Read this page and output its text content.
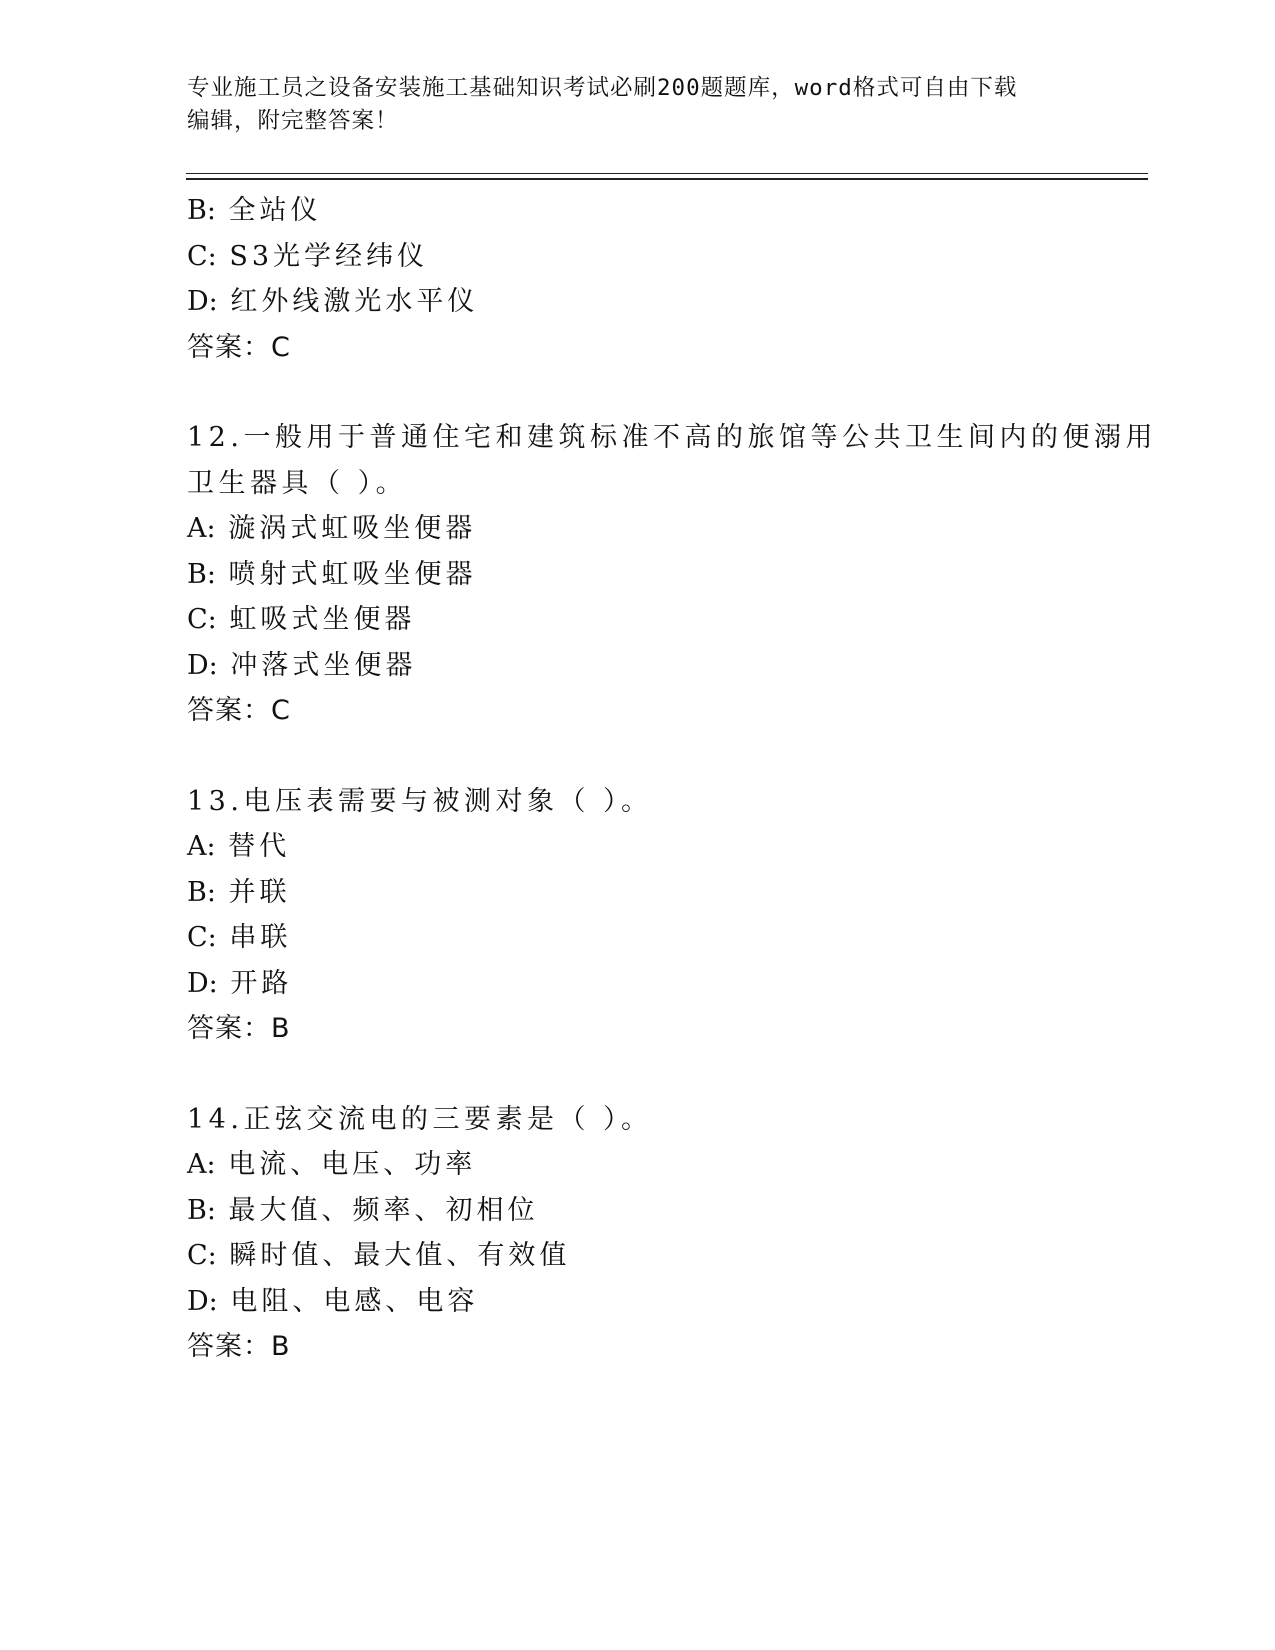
专业施工员之设备安装施工基础知识考试必刷200题题库，word格式可自由下载
编辑，附完整答案！
B: 全站仪
C: S3光学经纬仪
D: 红外线激光水平仪
答案：C
12.一般用于普通住宅和建筑标准不高的旅馆等公共卫生间内的便溺用
卫生器具（ ）。
A: 漩涡式虹吸坐便器
B: 喷射式虹吸坐便器
C: 虹吸式坐便器
D: 冲落式坐便器
答案：C
13.电压表需要与被测对象（ ）。
A: 替代
B: 并联
C: 串联
D: 开路
答案：B
14.正弦交流电的三要素是（ ）。
A: 电流、电压、功率
B: 最大值、频率、初相位
C: 瞬时值、最大值、有效值
D: 电阻、电感、电容
答案：B
